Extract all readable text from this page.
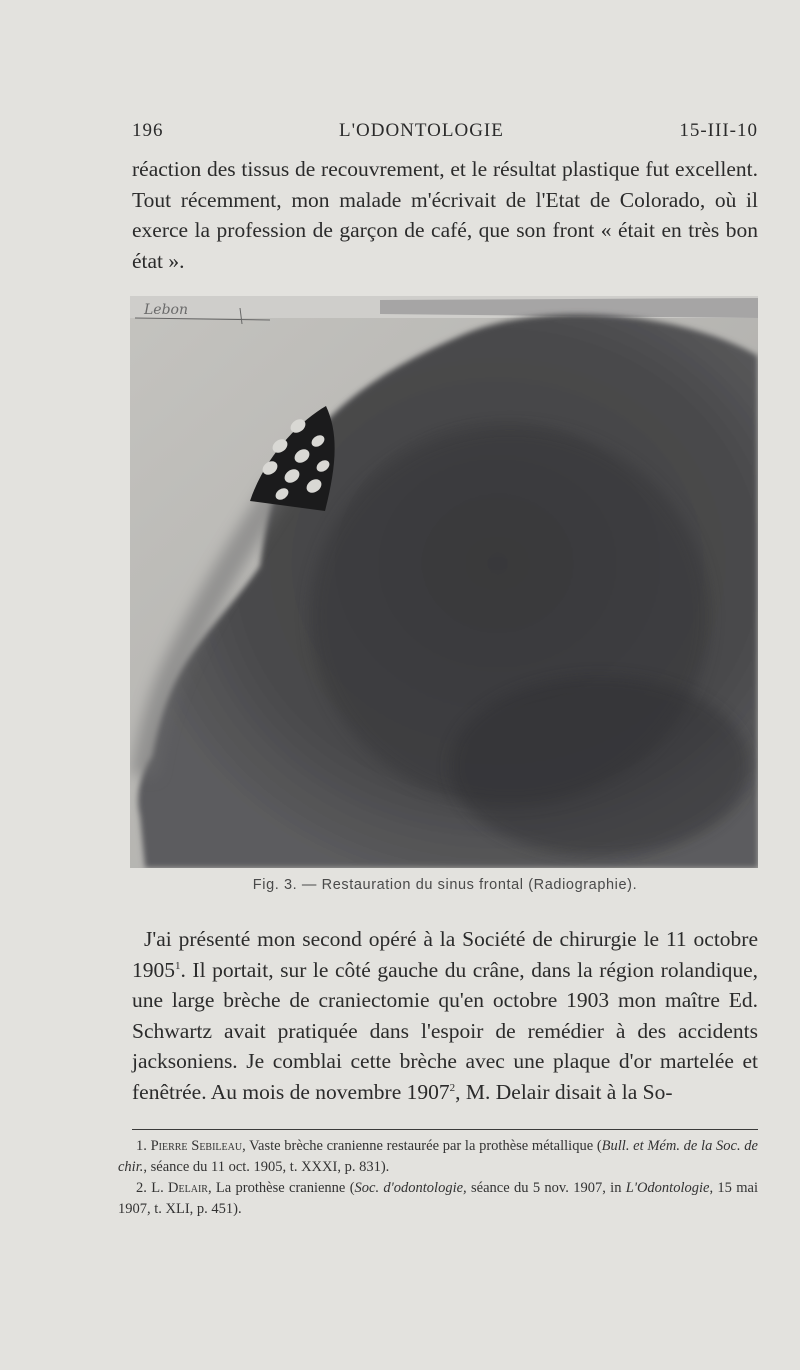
196	L'ODONTOLOGIE	15-III-10
réaction des tissus de recouvrement, et le résultat plastique fut excellent. Tout récemment, mon malade m'écrivait de l'Etat de Colorado, où il exerce la profession de garçon de café, que son front « était en très bon état ».
Lebon
Fig. 3. — Restauration du sinus frontal (Radiographie).
J'ai présenté mon second opéré à la Société de chirurgie le 11 octobre 1905$^1$. Il portait, sur le côté gauche du crâne, dans la région rolandique, une large brèche de craniectomie qu'en octobre 1903 mon maître Ed. Schwartz avait pratiquée dans l'espoir de remédier à des accidents jacksoniens. Je comblai cette brèche avec une plaque d'or martelée et fenêtrée. Au mois de novembre 1907$^2$, M. Delair disait à la So-
1. Pierre Sebileau, Vaste brèche cranienne restaurée par la prothèse métallique (Bull. et Mém. de la Soc. de chir., séance du 11 oct. 1905, t. XXXI, p. 831).
2. L. Delair, La prothèse cranienne (Soc. d'odontologie, séance du 5 nov. 1907, in L'Odontologie, 15 mai 1907, t. XLI, p. 451).
